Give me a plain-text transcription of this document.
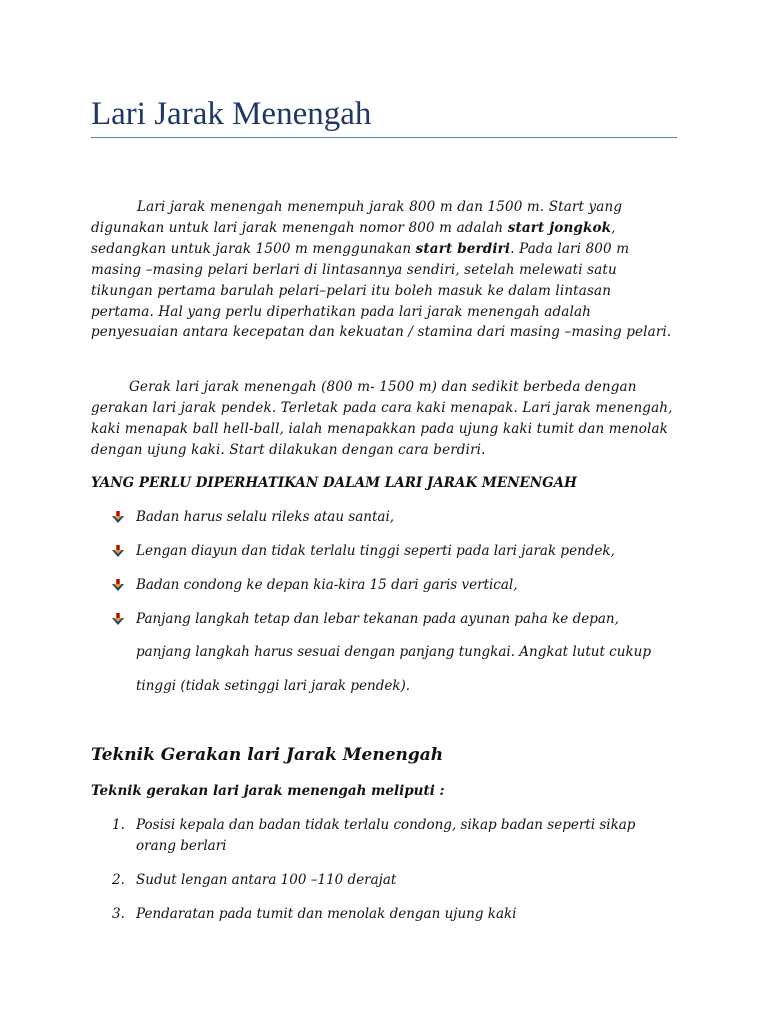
Lari Jarak Menengah

Lari jarak menengah menempuh jarak 800 m dan 1500 m. Start yang digunakan untuk lari jarak menengah nomor 800 m adalah start jongkok, sedangkan untuk jarak 1500 m menggunakan start berdiri. Pada lari 800 m masing –masing pelari berlari di lintasannya sendiri, setelah melewati satu tikungan pertama barulah pelari–pelari itu boleh masuk ke dalam lintasan pertama. Hal yang perlu diperhatikan pada lari jarak menengah adalah penyesuaian antara kecepatan dan kekuatan / stamina dari masing –masing pelari.

Gerak lari jarak menengah (800 m- 1500 m) dan sedikit berbeda dengan gerakan lari jarak pendek. Terletak pada cara kaki menapak. Lari jarak menengah, kaki menapak ball hell-ball, ialah menapakkan pada ujung kaki tumit dan menolak dengan ujung kaki. Start dilakukan dengan cara berdiri.

YANG PERLU DIPERHATIKAN DALAM LARI JARAK MENENGAH
Badan harus selalu rileks atau santai,
Lengan diayun dan tidak terlalu tinggi seperti pada lari jarak pendek,
Badan condong ke depan kia-kira 15 dari garis vertical,
Panjang langkah tetap dan lebar tekanan pada ayunan paha ke depan,
panjang langkah harus sesuai dengan panjang tungkai. Angkat lutut cukup
tinggi (tidak setinggi lari jarak pendek).
Teknik Gerakan lari Jarak Menengah
Teknik gerakan lari jarak menengah meliputi :
1. Posisi kepala dan badan tidak terlalu condong, sikap badan seperti sikap orang berlari
2. Sudut lengan antara 100 –110 derajat
3. Pendaratan pada tumit dan menolak dengan ujung kaki
